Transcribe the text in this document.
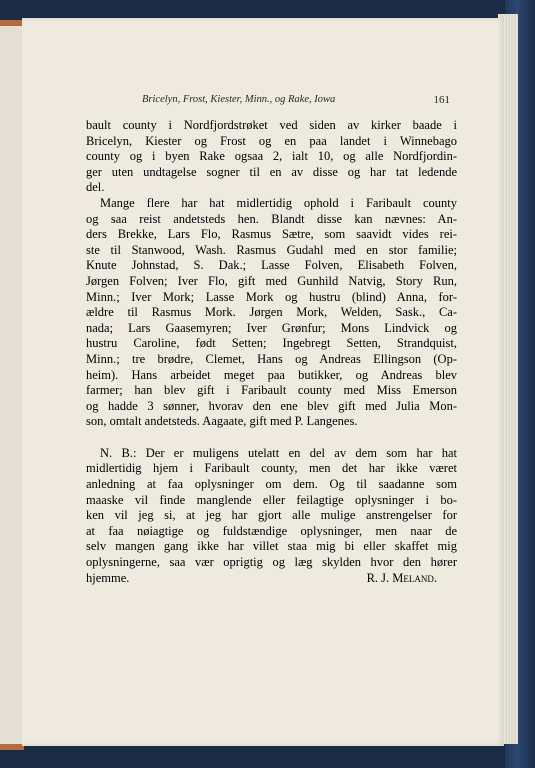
Bricelyn, Frost, Kiester, Minn., og Rake, Iowa	161
bault county i Nordfjordstrøket ved siden av kirker baade i
Bricelyn, Kiester og Frost og en paa landet i Winnebago
county og i byen Rake ogsaa 2, ialt 10, og alle Nordfjordin-
ger uten undtagelse sogner til en av disse og har tat ledende
del.
Mange flere har hat midlertidig ophold i Faribault county
og saa reist andetsteds hen. Blandt disse kan nævnes: An-
ders Brekke, Lars Flo, Rasmus Sætre, som saavidt vides rei-
ste til Stanwood, Wash. Rasmus Gudahl med en stor familie;
Knute Johnstad, S. Dak.; Lasse Folven, Elisabeth Folven,
Jørgen Folven; Iver Flo, gift med Gunhild Natvig, Story Run,
Minn.; Iver Mork; Lasse Mork og hustru (blind) Anna, for-
ældre til Rasmus Mork. Jørgen Mork, Welden, Sask., Ca-
nada; Lars Gaasemyren; Iver Grønfur; Mons Lindvick og
hustru Caroline, født Setten; Ingebregt Setten, Strandquist,
Minn.; tre brødre, Clemet, Hans og Andreas Ellingson (Op-
heim). Hans arbeidet meget paa butikker, og Andreas blev
farmer; han blev gift i Faribault county med Miss Emerson
og hadde 3 sønner, hvorav den ene blev gift med Julia Mon-
son, omtalt andetsteds. Aagaate, gift med P. Langenes.
N. B.: Der er muligens utelatt en del av dem som har hat
midlertidig hjem i Faribault county, men det har ikke været
anledning at faa oplysninger om dem. Og til saadanne som
maaske vil finde manglende eller feilagtige oplysninger i bo-
ken vil jeg si, at jeg har gjort alle mulige anstrengelser for
at faa nøiagtige og fuldstændige oplysninger, men naar de
selv mangen gang ikke har villet staa mig bi eller skaffet mig
oplysningerne, saa vær oprigtig og læg skylden hvor den hører
hjemme.	R. J. Meland.
